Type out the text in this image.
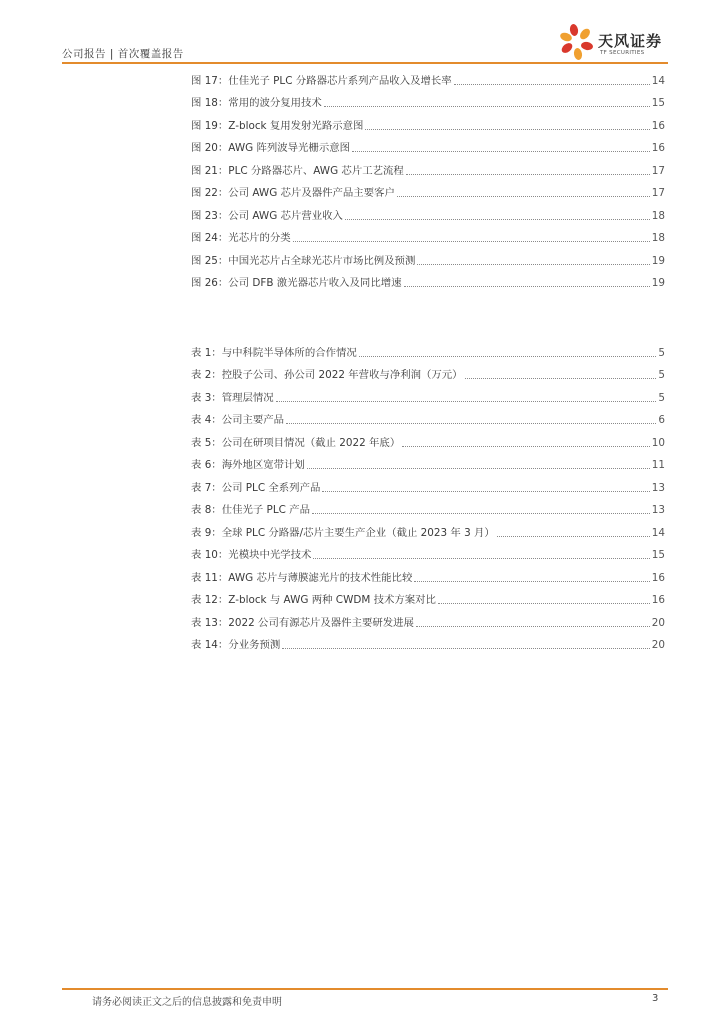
公司报告 | 首次覆盖报告
天风证券
TF SECURITIES
图 17：仕佳光子 PLC 分路器芯片系列产品收入及增长率	14
图 18：常用的波分复用技术	15
图 19：Z-block 复用发射光路示意图	16
图 20：AWG 阵列波导光栅示意图	16
图 21：PLC 分路器芯片、AWG 芯片工艺流程	17
图 22：公司 AWG 芯片及器件产品主要客户	17
图 23：公司 AWG 芯片营业收入	18
图 24：光芯片的分类	18
图 25：中国光芯片占全球光芯片市场比例及预测	19
图 26：公司 DFB 激光器芯片收入及同比增速	19
表 1：与中科院半导体所的合作情况	5
表 2：控股子公司、孙公司 2022 年营收与净利润（万元）	5
表 3：管理层情况	5
表 4：公司主要产品	6
表 5：公司在研项目情况（截止 2022 年底）	10
表 6：海外地区宽带计划	11
表 7：公司 PLC 全系列产品	13
表 8：仕佳光子 PLC 产品	13
表 9：全球 PLC 分路器/芯片主要生产企业（截止 2023 年 3 月）	14
表 10：光模块中光学技术	15
表 11：AWG 芯片与薄膜滤光片的技术性能比较	16
表 12：Z-block 与 AWG 两种 CWDM 技术方案对比	16
表 13：2022 公司有源芯片及器件主要研发进展	20
表 14：分业务预测	20
请务必阅读正文之后的信息披露和免责申明	3
